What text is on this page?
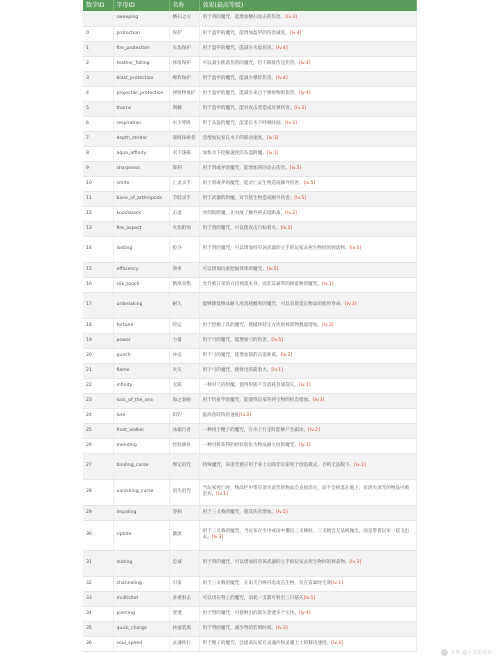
数字ID	字母ID	名称	效果(最高等级)
	sweeping	横扫之刃	用于剑的魔咒，能增加横扫攻击的伤害。[lv.3]
0	protection	保护	用于盔甲的魔咒，能增加盔甲的伤害减免。[lv.4]
1	fire_protection	火焰保护	用于盔甲的魔咒，能减少火焰伤害。[lv.4]
2	feather_falling	摔落保护	可以减少跌落伤害的魔咒，但不降低传送伤害。[lv.4]
3	blast_protection	爆炸保护	用于盔甲的魔咒，能减少爆炸伤害。[lv.4]
4	projectile_protection	弹射物保护	用于盔甲的魔咒，能减少来自于弹射物的伤害。[lv.4]
5	thorns	荆棘	用于盔甲的魔咒，能对攻击者造成反弹伤害。[lv.3]
6	respiration	水下呼吸	用于头盔的魔咒，能延长水下呼吸时间。[lv.3]
7	depth_strider	深海探索者	会增加玩家在水下的移动速度。[lv.3]
8	aqua_affinity	水下速掘	加快水下挖掘速度的头盔附魔。[lv.1]
9	sharpness	锋利	用于剑或斧的魔咒，能增加剑的攻击伤害。[lv.5]
10	smite	亡灵杀手	用于剑或斧的魔咒，能对亡灵生物造成额外伤害。[lv.5]
11	bane_of_arthropods	节肢杀手	用于武器的附魔，对节肢生物造成额外伤害。[lv.5]
12	knockback	击退	对剑的附魔，让对敌了额外的击退距离。[lv.2]
13	fire_aspect	火焰附加	用于剑的魔咒，可以使攻击目标着火。[lv.2]
14	looting	抢夺	用于剑的魔咒，可以增加持有该武器的主手的玩家杀死生物时的掉落物。[lv.3]
15	efficiency	效率	可以增加玩家挖掘效率的魔咒。[lv.5]
16	silk_touch	精准采集	允许被开采的方块掉落本身，而非其通常的掉落物的魔咒。[lv.1]
17	unbreaking	耐久	能够降低物品耐久度消耗概率的魔咒，可以有效延长物品的使用寿命。[lv.3]
18	fortune	时运	用于挖掘工具的魔咒，使破坏特定方块的掉落物数量增加。[lv.3]
19	power	力量	用于弓的魔咒，能增加弓的伤害。[lv.5]
20	punch	冲击	用于弓的魔咒，能增加箭的击退距离。[lv.2]
21	flame	火矢	用于弓的魔咒，使射出的箭着火。[lv.1]
22	infinity	无限	一种对弓的附魔，使得射箭不会消耗普通箭矢。[lv.1]
23	luck_of_the_sea	海之眷顾	用于钓鱼竿的魔咒，能使得玩家钓到宝物的机会增加。[lv.3]
24	lure	饵钓	提高鱼咬钩的速度[lv.3]
25	frost_walker	冰霜行者	一种用于靴子的魔咒，在水上行走时能够产生霜冰。[lv.2]
26	mending	经验修补	一种可将获得的经验转化为物品耐久度的魔咒。[lv.1]
27	binding_curse	绑定诅咒	特殊魔咒，该诅咒被应用于身上后除非玩家死于创造模式，否则无法脱下。[lv.1]
28	vanishing_curse	消失诅咒	当玩家死亡时，物品栏中带有消失诅咒的物品会直接消失，而不会掉落在地上，有消失诅咒的物品可被丢弃。[lv.1]
29	impaling	穿刺	用于三叉戟的魔咒，使其伤害增加。[lv.5]
30	riptide	激流	用于三叉戟的魔咒，当玩家在水中或雨中挪出三叉戟时，三叉戟会无法被抛出，而是带着玩家一起飞出去。[lv.3]
31	looting	忠诚	用于剑的魔咒，可以增加持有该武器的主手的玩家杀死生物时的掉落物。[lv.3]
32	channeling	引雷	用于三叉戟的魔咒，在雨天召唤闪电攻击生物，仅在雷暴时生效[lv.1]
33	multishot	多重射击	可以用在弩上的魔咒，消耗一支箭可射出三只箭矢[lv.1]
34	piercing	穿透	用于弩的魔咒，可使射出的箭矢穿透多个实体。[lv.4]
35	quick_charge	快速装填	用于弩的魔咒，减少弩的装填时间。[lv.3]
36	soul_speed	灵魂疾行	用于靴子的魔咒，会提高玩家在灵魂沙和灵魂土上的移动速度。[lv.3]
头条 @小芳游戏说
